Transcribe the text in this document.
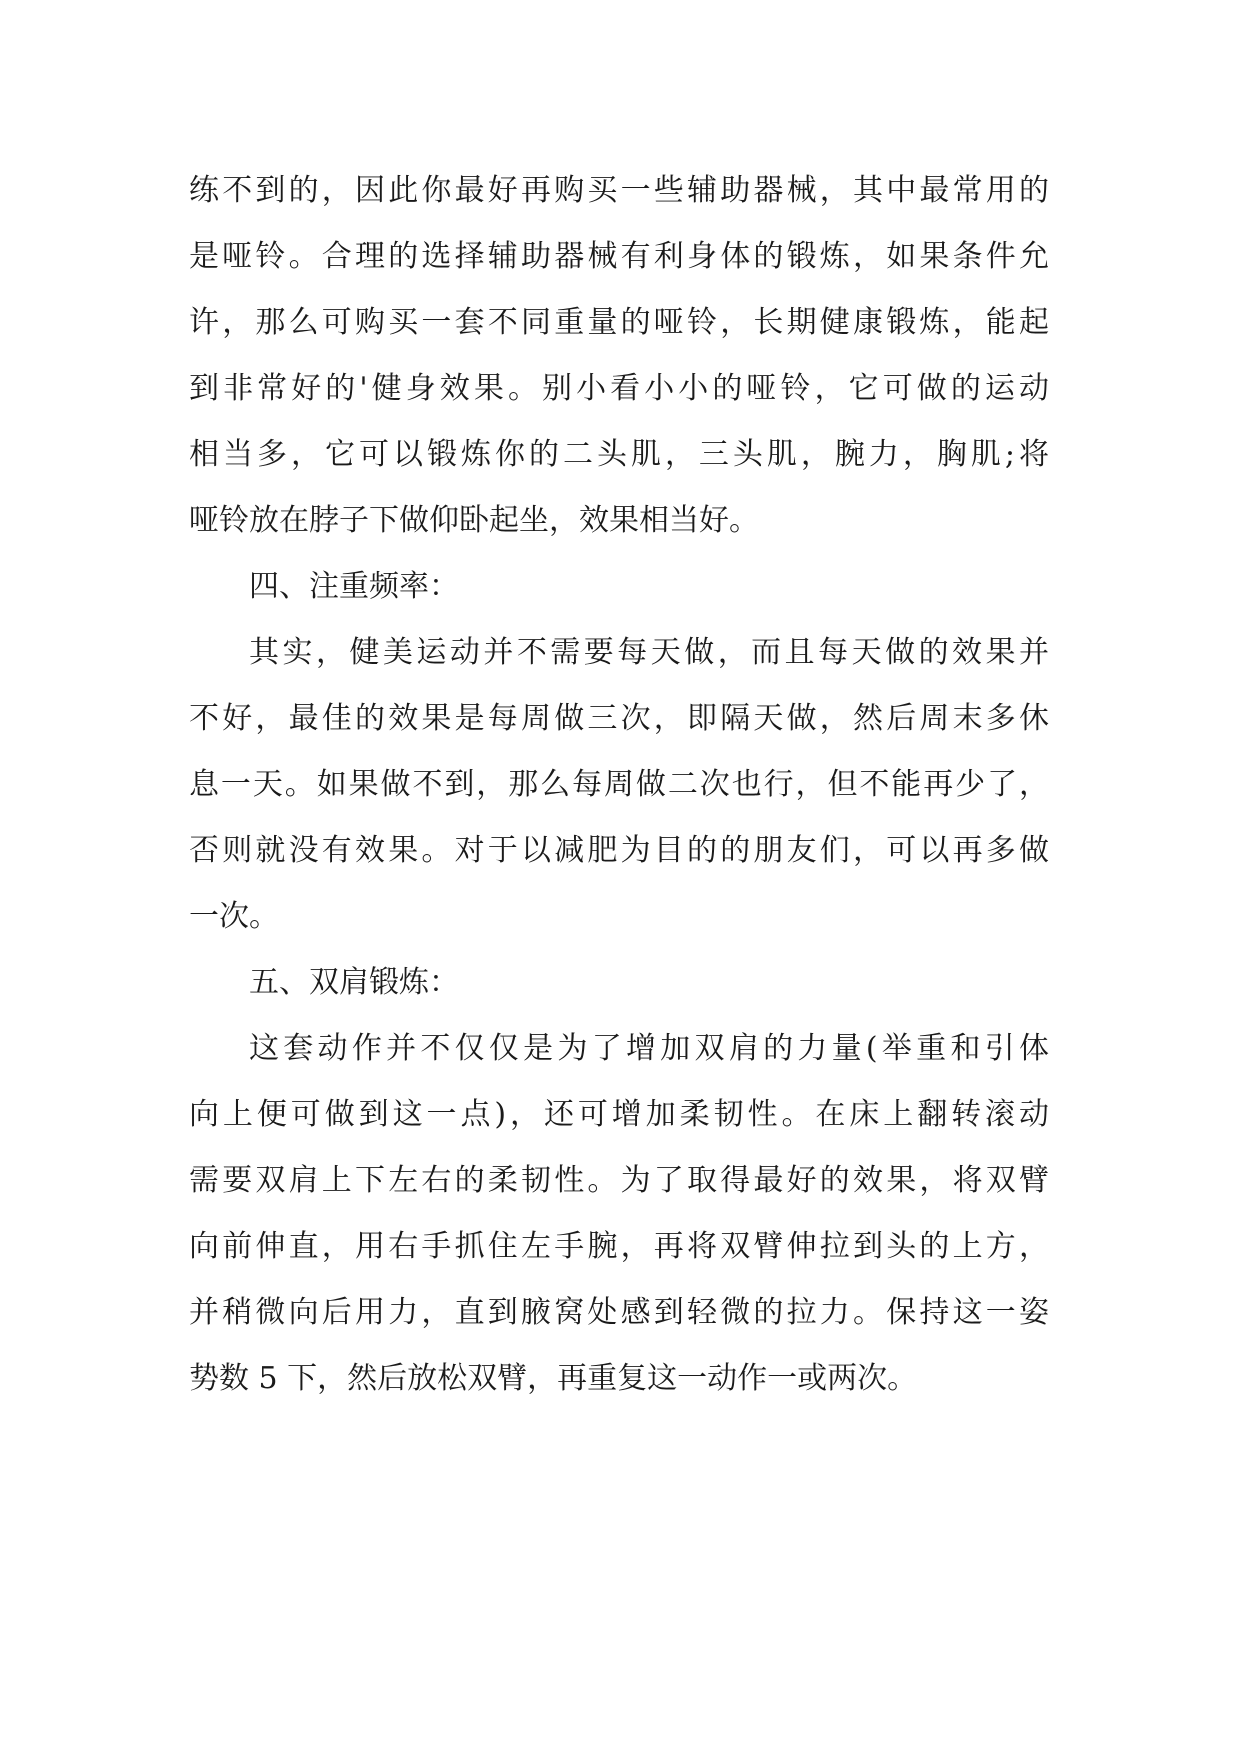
练不到的，因此你最好再购买一些辅助器械，其中最常用的
是哑铃。合理的选择辅助器械有利身体的锻炼，如果条件允
许，那么可购买一套不同重量的哑铃，长期健康锻炼，能起
到非常好的'健身效果。别小看小小的哑铃，它可做的运动
相当多，它可以锻炼你的二头肌，三头肌，腕力，胸肌;将
哑铃放在脖子下做仰卧起坐，效果相当好。
四、注重频率：
其实，健美运动并不需要每天做，而且每天做的效果并
不好，最佳的效果是每周做三次，即隔天做，然后周末多休
息一天。如果做不到，那么每周做二次也行，但不能再少了，
否则就没有效果。对于以减肥为目的的朋友们，可以再多做
一次。
五、双肩锻炼：
这套动作并不仅仅是为了增加双肩的力量(举重和引体
向上便可做到这一点)，还可增加柔韧性。在床上翻转滚动
需要双肩上下左右的柔韧性。为了取得最好的效果，将双臂
向前伸直，用右手抓住左手腕，再将双臂伸拉到头的上方，
并稍微向后用力，直到腋窝处感到轻微的拉力。保持这一姿
势数 5 下，然后放松双臂，再重复这一动作一或两次。
